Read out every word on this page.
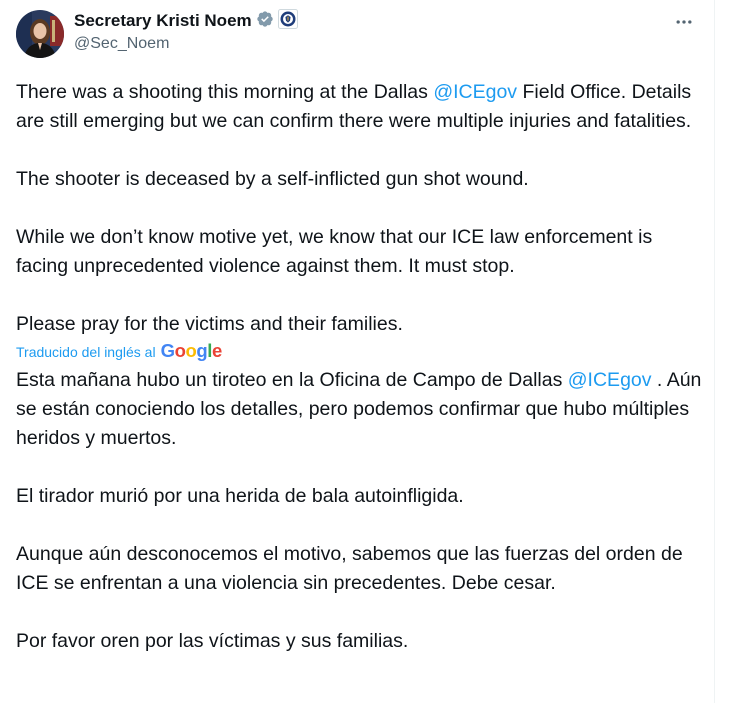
Secretary Kristi Noem
@Sec_Noem

There was a shooting this morning at the Dallas @ICEgov Field Office. Details are still emerging but we can confirm there were multiple injuries and fatalities.

The shooter is deceased by a self-inflicted gun shot wound.

While we don’t know motive yet, we know that our ICE law enforcement is facing unprecedented violence against them. It must stop.

Please pray for the victims and their families.

Traducido del inglés al Google

Esta mañana hubo un tiroteo en la Oficina de Campo de Dallas @ICEgov . Aún se están conociendo los detalles, pero podemos confirmar que hubo múltiples heridos y muertos.

El tirador murió por una herida de bala autoinfligida.

Aunque aún desconocemos el motivo, sabemos que las fuerzas del orden de ICE se enfrentan a una violencia sin precedentes. Debe cesar.

Por favor oren por las víctimas y sus familias.
